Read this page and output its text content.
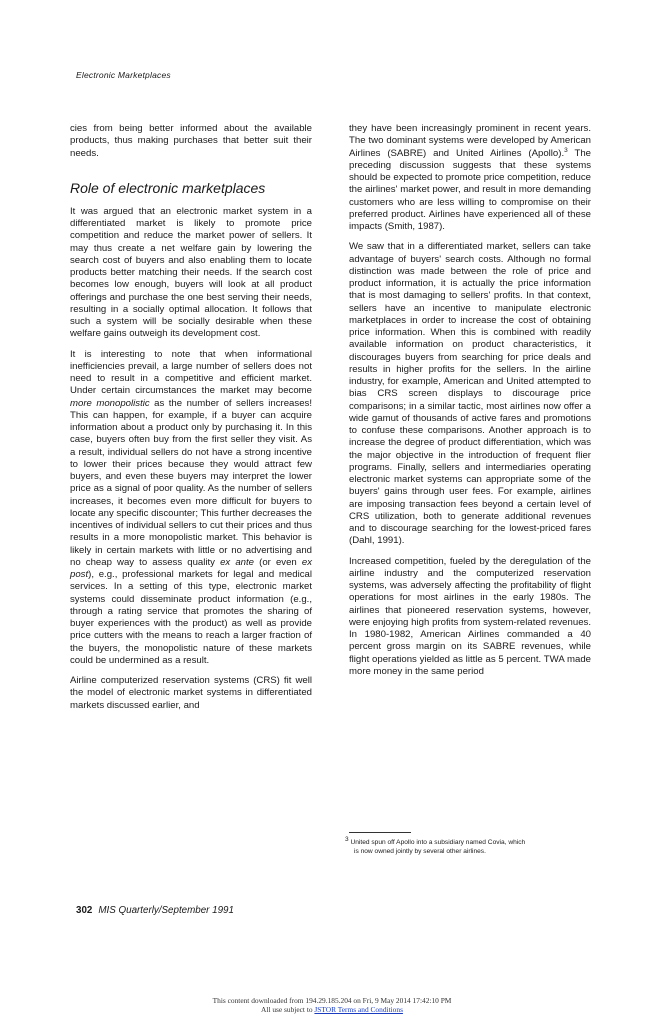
Electronic Marketplaces

cies from being better informed about the available products, thus making purchases that better suit their needs.

Role of electronic marketplaces

It was argued that an electronic market system in a differentiated market is likely to promote price competition and reduce the market power of sellers. It may thus create a net welfare gain by lowering the search cost of buyers and also enabling them to locate products better matching their needs. If the search cost becomes low enough, buyers will look at all product offerings and purchase the one best serving their needs, resulting in a socially optimal allocation. It follows that such a system will be socially desirable when these welfare gains outweigh its development cost.

It is interesting to note that when informational inefficiencies prevail, a large number of sellers does not need to result in a competitive and efficient market. Under certain circumstances the market may become more monopolistic as the number of sellers increases! This can happen, for example, if a buyer can acquire information about a product only by purchasing it. In this case, buyers often buy from the first seller they visit. As a result, individual sellers do not have a strong incentive to lower their prices because they would attract few buyers, and even these buyers may interpret the lower price as a signal of poor quality. As the number of sellers increases, it becomes even more difficult for buyers to locate any specific discounter; This further decreases the incentives of individual sellers to cut their prices and thus results in a more monopolistic market. This behavior is likely in certain markets with little or no advertising and no cheap way to assess quality ex ante (or even ex post), e.g., professional markets for legal and medical services. In a setting of this type, electronic market systems could disseminate product information (e.g., through a rating service that promotes the sharing of buyer experiences with the product) as well as provide price cutters with the means to reach a larger fraction of the buyers, the monopolistic nature of these markets could be undermined as a result.

Airline computerized reservation systems (CRS) fit well the model of electronic market systems in differentiated markets discussed earlier, and

they have been increasingly prominent in recent years. The two dominant systems were developed by American Airlines (SABRE) and United Airlines (Apollo).$^3$ The preceding discussion suggests that these systems should be expected to promote price competition, reduce the airlines' market power, and result in more demanding customers who are less willing to compromise on their preferred product. Airlines have experienced all of these impacts (Smith, 1987).

We saw that in a differentiated market, sellers can take advantage of buyers' search costs. Although no formal distinction was made between the role of price and product information, it is actually the price information that is most damaging to sellers' profits. In that context, sellers have an incentive to manipulate electronic marketplaces in order to increase the cost of obtaining price information. When this is combined with readily available information on product characteristics, it discourages buyers from searching for price deals and results in higher profits for the sellers. In the airline industry, for example, American and United attempted to bias CRS screen displays to discourage price comparisons; in a similar tactic, most airlines now offer a wide gamut of thousands of active fares and promotions to confuse these comparisons. Another approach is to increase the degree of product differentiation, which was the major objective in the introduction of frequent flier programs. Finally, sellers and intermediaries operating electronic market systems can appropriate some of the buyers' gains through user fees. For example, airlines are imposing transaction fees beyond a certain level of CRS utilization, both to generate additional revenues and to discourage searching for the lowest-priced fares (Dahl, 1991).

Increased competition, fueled by the deregulation of the airline industry and the computerized reservation systems, was adversely affecting the profitability of flight operations for most airlines in the early 1980s. The airlines that pioneered reservation systems, however, were enjoying high profits from system-related revenues. In 1980-1982, American Airlines commanded a 40 percent gross margin on its SABRE revenues, while flight operations yielded as little as 5 percent. TWA made more money in the same period

$^3$ United spun off Apollo into a subsidiary named Covia, which
is now owned jointly by several other airlines.
302 MIS Quarterly/September 1991
This content downloaded from 194.29.185.204 on Fri, 9 May 2014 17:42:10 PM
All use subject to JSTOR Terms and Conditions
